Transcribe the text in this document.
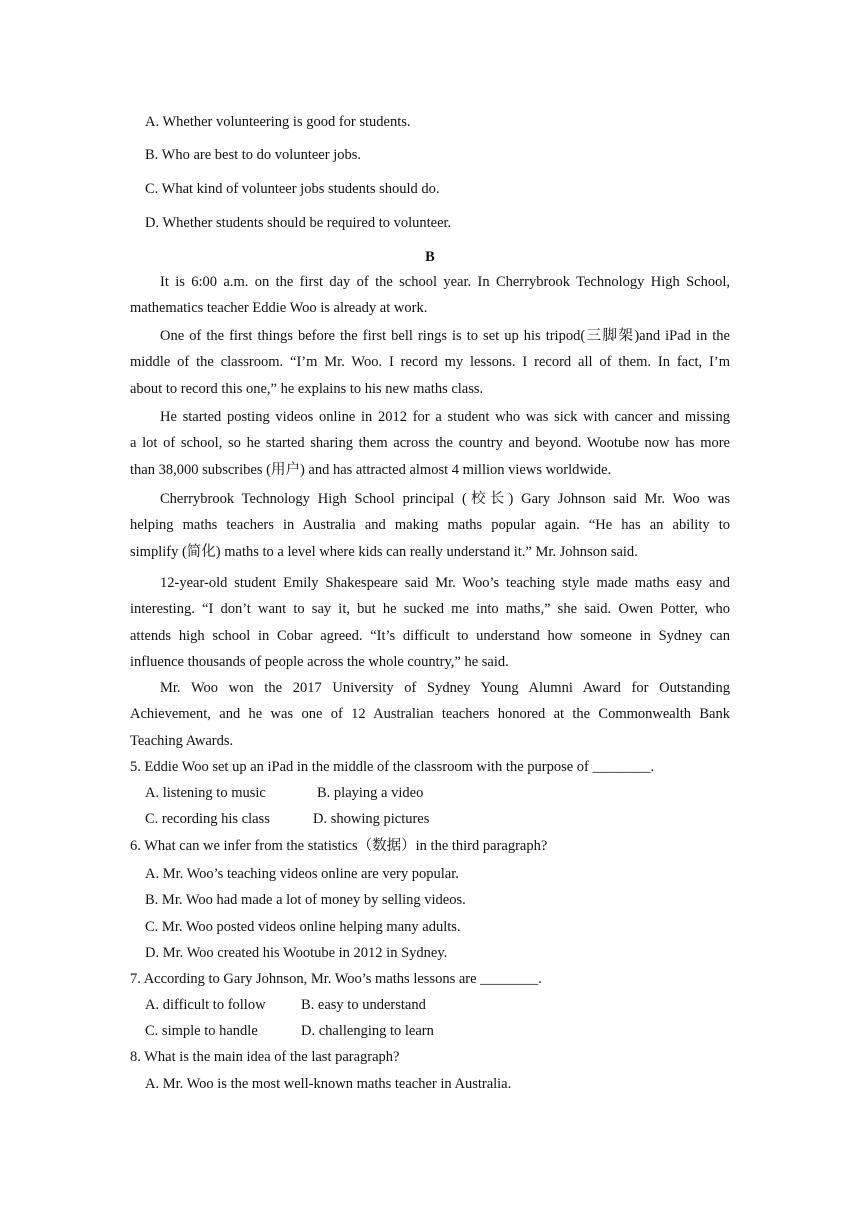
A. Whether volunteering is good for students.
B. Who are best to do volunteer jobs.
C. What kind of volunteer jobs students should do.
D. Whether students should be required to volunteer.
B
It is 6:00 a.m. on the first day of the school year. In Cherrybrook Technology High School,
mathematics teacher Eddie Woo is already at work.
One of the first things before the first bell rings is to set up his tripod(三脚架)and iPad in the
middle of the classroom. “I’m Mr. Woo. I record my lessons. I record all of them. In fact, I’m
about to record this one,” he explains to his new maths class.
He started posting videos online in 2012 for a student who was sick with cancer and missing
a lot of school, so he started sharing them across the country and beyond. Wootube now has more
than 38,000 subscribes (用户) and has attracted almost 4 million views worldwide.
Cherrybrook Technology High School principal (校长) Gary Johnson said Mr. Woo was
helping maths teachers in Australia and making maths popular again. “He has an ability to
simplify (简化) maths to a level where kids can really understand it.” Mr. Johnson said.
12-year-old student Emily Shakespeare said Mr. Woo’s teaching style made maths easy and
interesting. “I don’t want to say it, but he sucked me into maths,” she said. Owen Potter, who
attends high school in Cobar agreed. “It’s difficult to understand how someone in Sydney can
influence thousands of people across the whole country,” he said.
Mr. Woo won the 2017 University of Sydney Young Alumni Award for Outstanding
Achievement, and he was one of 12 Australian teachers honored at the Commonwealth Bank
Teaching Awards.
5. Eddie Woo set up an iPad in the middle of the classroom with the purpose of ________.
A. listening to music	B. playing a video
C. recording his class	D. showing pictures
6. What can we infer from the statistics（数据）in the third paragraph?
A. Mr. Woo’s teaching videos online are very popular.
B. Mr. Woo had made a lot of money by selling videos.
C. Mr. Woo posted videos online helping many adults.
D. Mr. Woo created his Wootube in 2012 in Sydney.
7. According to Gary Johnson, Mr. Woo’s maths lessons are ________.
A. difficult to follow B. easy to understand
C. simple to handle	D. challenging to learn
8. What is the main idea of the last paragraph?
A. Mr. Woo is the most well-known maths teacher in Australia.
